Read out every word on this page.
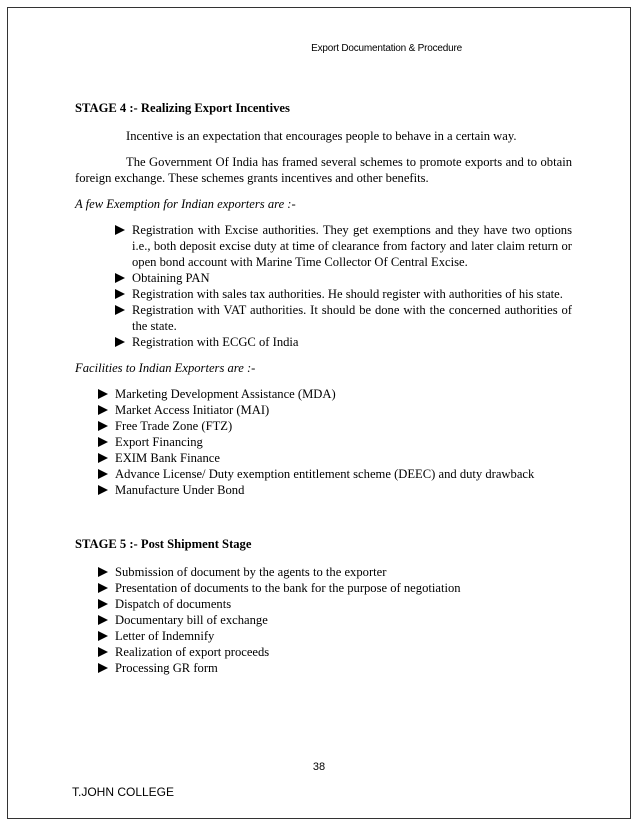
Export Documentation & Procedure

STAGE 4 :- Realizing Export Incentives

Incentive is an expectation that encourages people to behave in a certain way.

The Government Of India has framed several schemes to promote exports and to obtain foreign exchange. These schemes grants incentives and other benefits.

A few Exemption for Indian exporters are :-

Registration with Excise authorities. They get exemptions and they have two options i.e., both deposit excise duty at time of clearance from factory and later claim return or open bond account with Marine Time Collector Of Central Excise.
Obtaining PAN
Registration with sales tax authorities. He should register with authorities of his state.
Registration with VAT authorities. It should be done with the concerned authorities of the state.
Registration with ECGC of India

Facilities to Indian Exporters are :-

Marketing Development Assistance (MDA)
Market Access Initiator (MAI)
Free Trade Zone (FTZ)
Export Financing
EXIM Bank Finance
Advance License/ Duty exemption entitlement scheme (DEEC) and duty drawback
Manufacture Under Bond

STAGE 5 :- Post Shipment Stage

Submission of document by the agents to the exporter
Presentation of documents to the bank for the purpose of negotiation
Dispatch of documents
Documentary bill of exchange
Letter of Indemnify
Realization of export proceeds
Processing GR form
38
T.JOHN COLLEGE
